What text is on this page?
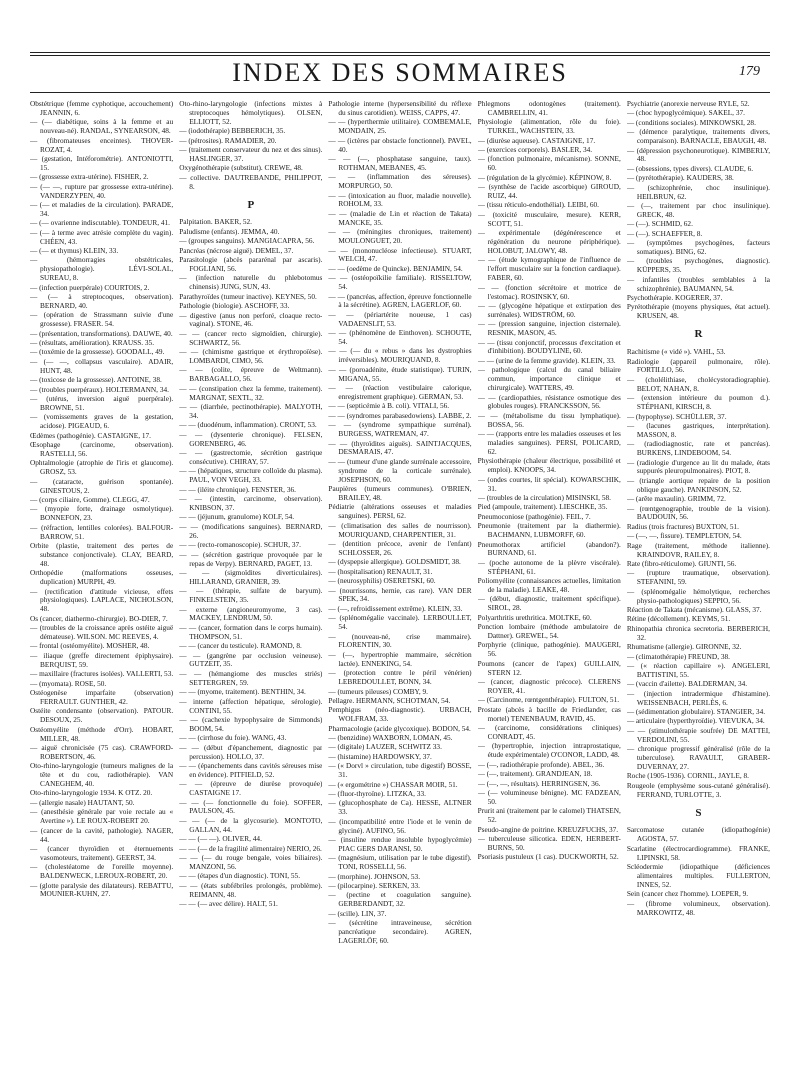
INDEX DES SOMMAIRES	179
Obstétrique (femme cyphotique, accouchement) JEANNIN, 6.
— (— diabétique, soins à la femme et au nouveau-né). RANDAL, SYNEARSON, 48.
— (fibromateuses enceintes). THOVER-ROZAT, 4.
— (gestation, Intéforométrie). ANTONIOTTI, 15.
— (grossesse extra-utérine). FISHER, 2.
— (— —, rupture par grossesse extra-utérine). VANDERZYPEN, 40.
— (— et maladies de la circulation). PARADE, 34.
— (— ovarienne indiscutable). TONDEUR, 41.
— (— à terme avec atrésie complète du vagin). CHÉEN, 43.
— (— et thymus) KLEIN, 33.
— (hémorragies obstétricales, physiopathologie). LÉVI-SOLAL, SUREAU, 8.
— (infection puerpérale) COURTOIS, 2.
— (— à streptocoques, observation). BERNARD, 40.
— (opération de Strassmann suivie d'une grossesse). FRASER. 54.
— (présentation, transformations). DAUWE, 40.
— (résultats, amélioration). KRAUSS. 35.
— (toxémie de la grossesse). GOODALL, 49.
— (— —, collapsus vasculaire). ADAIR, HUNT, 48.
— (toxicose de la grossesse). ANTOINE, 38.
— (troubles puerpéraux). HOLTERMANN, 34.
— (utérus, inversion aiguë puerpérale). BROWNE, 51.
— (vomissements graves de la gestation, acidose). PIGEAUD, 6.
Œdèmes (pathogénie). CASTAIGNE, 17.
Œsophage (carcinome, observation). RASTELLI, 56.
Ophtalmologie (atrophie de l'iris et glaucome). GROSZ, 53.
— (cataracte, guérison spontanée). GINESTOUS, 2.
— (corps ciliaire, Gomme). CLEGG, 47.
— (myopie forte, drainage osmolytique). BONNEFON, 23.
— (réfraction, lentilles colorées). BALFOUR-BARROW, 51.
Orbite (plastie, traitement des pertes de substance conjonctivale). CLAY, BEARD, 48.
Orthopédie (malformations osseuses, duplication) MURPH, 49.
— (rectification d'attitude vicieuse, effets physiologiques). LAPLACE, NICHOLSON, 48.
Os (cancer, diathermo-chirurgie). BO-DIER, 7.
— (troubles de la croissance après ostéite aiguë démateuse). WILSON. MC REEVES, 4.
— frontal (ostéomyélite). MOSHER, 48.
— iliaque (greffe directement épiphysaire). BERQUIST, 59.
— maxillaire (fractures isolées). VALLERTI, 53.
— (myomata). ROSE, 50.
Ostéogenèse imparfaite (observation) FERRAULT. GUNTHER, 42.
Ostéite condensante (observation). PATOUR. DESOUX, 25.
Ostéomyélite (méthode d'Orr). HOBART, MILLER, 48.
— aiguë chronicisée (75 cas). CRAWFORD-ROBERTSON, 46.
Oto-rhino-laryngologie (tumeurs malignes de la tête et du cou, radiothérapie). VAN CANEGHEM, 40.
Oto-rhino-laryngologie 1934. K OTZ. 20.
— (allergie nasale) HAUTANT, 50.
— (anesthésie générale par voie rectale au « Avertine »). LE ROUX-ROBERT 20.
— (cancer de la cavité, pathologie). NAGER, 44.
— (cancer thyroïdien et éternuements vasomoteurs, traitement). GEERST, 34.
— (cholestéatome de l'oreille moyenne). BALDENWECK, LEROUX-ROBERT, 20.
— (glotte paralysie des dilatateurs). REBATTU, MOUNIER-KUHN, 27.
Oto-rhino-laryngologie (infections mixtes à streptocoques hémolytiques). OLSEN, ELLIOTT, 52.
— (iodothérapie) BEBBERICH, 35.
— (pétrosites). RAMADIER, 20.
— (traitement conservateur du nez et des sinus). HASLINGER, 37.
Oxygénothérapie (substitut). CREWE, 48.
— collective. DAUTREBANDE, PHILIPPOT, 8.
P
Palpitation. BAKER, 52.
Paludisme (enfants). JEMMA, 40.
— (groupes sanguins). MANGIACAPRA, 56.
Pancréas (nécrose aiguë). DEMEL, 37.
Parasitologie (abcès pararénal par ascaris). FOGLIANI, 56.
— (infection naturelle du phlebotomus chinensis) JUNG, SUN, 43.
Parathyroïdes (tumeur inactive). KEYNES, 50.
Pathologie (biologie). ASCHOFF, 33.
— digestive (anus non perforé, cloaque recto-vaginal). STONE, 46.
— — (cancer recto sigmoïdien, chirurgie). SCHWARTZ, 56.
— — (chimisme gastrique et érythropoïèse). LOMBARDI, CIMO, 56.
— — (colite, épreuve de Weltmann). BARBAGALLO, 56.
— — (constipation chez la femme, traitement). MARGNAT, SEXTL, 32.
— — (diarrhée, pectinothérapie). MALYOTH, 34.
— — (duodénum, inflammation). CRONT, 53.
— — (dysenterie chronique). FELSEN, GORENBERG, 46.
— — (gastrectomie, sécrétion gastrique consécutive). CHIRAY, 57.
— — (hépatiques, structure colloïde du plasma). PAUL, VON VEGH, 33.
— — (iléite chronique). FENSTER, 36.
— — (intestin, carcinome, observation). KNIBSON, 37.
— — (jéjunum, granulome) KOLF, 54.
— — (modifications sanguines). BERNARD, 26.
— — (recto-romanoscopie). SCHUR, 37.
— — (sécrétion gastrique provoquée par le repas de Verpy). BERNARD, PAGET, 13.
— — (sigmoïdites diverticulaires). HILLARAND, GRANIER, 39.
— — (thérapie, sulfate de baryum). FINKELSTEIN, 35.
— externe (angioneuromyome, 3 cas). MACKEY, LENDRUM, 50.
— — (cancer, formation dans le corps humain). THOMPSON, 51.
— — (cancer du testicule). RAMOND, 8.
— — (gangrène par occlusion veineuse). GUTZEIT, 35.
— — (hémangiome des muscles striés) SETTERGREN, 59.
— — (myome, traitement). BENTHIN, 34.
— interne (affection hépatique, sérologie). CONTINI, 55.
— — (cachexie hypophysaire de Simmonds) BOOM, 54.
— — (cirrhose du foie). WANG, 43.
— — (début d'épanchement, diagnostic par percussion). HOLLO, 37.
— — (épanchements dans cavités séreuses mise en évidence). PITFIELD, 52.
— — (épreuve de diurèse provoquée) CASTAIGNE 17.
— — (— fonctionnelle du foie). SOFFER, PAULSON, 45.
— — (— de la glycosurie). MONTOTO, GALLAN, 44.
— — (— —). OLIVER, 44.
— — (— de la fragilité alimentaire) NERIO, 26.
— — (— du rouge bengale, voies biliaires). MANZONI, 56.
— — (étapes d'un diagnostic). TONI, 55.
— — (états subfébriles prolongés, problème). REIMANN, 48.
— — (— avec délire). HALT, 51.
Pathologie interne (hypersensibilité du réflexe du sinus carotidien). WEISS, CAPPS, 47.
— — (hyperthermie utilitaire). COMBEMALE, MONDAIN, 25.
— — (ictères par obstacle fonctionnel). PAVEL, 40.
— — (—, phosphatase sanguine, taux). ROTHMAN, MEBANES, 45.
— — (inflammation des séreuses). MORPURGO, 50.
— — (intoxication au fluor, maladie nouvelle). ROHOLM, 33.
— — (maladie de Lin et réaction de Takata) MANCKE, 35.
— — (méningites chroniques, traitement) MOULONGUET, 20.
— — (mononucléose infectieuse). STUART, WELCH, 47.
— — (oedème de Quincke). BENJAMIN, 54.
— — (ostéopoïkilie familiale). RISSELTOW, 54.
— — (pancréas, affection, épreuve fonctionnelle à la sécrétine). AGREN, LAGERLOF, 60.
— — (périartérite noueuse, 1 cas) VADAENSLIT, 53.
— — (phénomène de Einthoven). SCHOUTE, 54.
— — (— du « rebus » dans les dystrophies irréversibles). MOURIQUAND, 8.
— — (poroadénite, étude statistique). TURIN, MIGANA, 55.
— — (réaction vestibulaire calorique, enregistrement graphique). GERMAN, 53.
— — (septicémie à B. coli). VITALI, 56.
— — (syndromes parabasedowiens). LABBE, 2.
— — (syndrome sympathique surrénal). BURGESS, WATREMAN, 47.
— — (thyroïdites aiguës). SAINTJACQUES, DESMARAIS, 47.
— — (tumeur d'une glande surrénale accessoire, syndrome de la corticale surrénale). JOSEPHSON, 60.
Paupières (tumeurs communes). O'BRIEN, BRAILEY, 48.
Pédiatrie (altérations osseuses et maladies sanguines). PERSI, 62.
— (climatisation des salles de nourrisson). MOURIQUAND, CHARPENTIER, 31.
— (dentition précoce, avenir de l'enfant) SCHLOSSER, 26.
— (dyspepsie allergique). GOLDSMIDT, 38.
— (hospitalisation) RENAULT, 31.
— (neurosyphilis) OSERETSKI, 60.
— (nourrissons, hernie, cas rare). VAN DER SPEK, 34.
— (—, refroidissement extrême). KLEIN, 33.
— (splénomégalie vaccinale). LERBOULLET, 54.
— (nouveau-né, crise mammaire). FLORENTIN, 30.
— (—, hypertrophie mammaire, sécrétion lactée). ENNEKING, 54.
— (protection contre le péril vénérien) LEBREDOULLET, BONN, 34.
— (tumeurs pileuses) COMBY, 9.
Pellagre. HERMANN, SCHOTMAN, 54.
Pemphigus (néo-diagnostic). URBACH, WOLFRAM, 33.
Pharmacologie (acide glycoxique). BODON, 54.
— (benzidine) WAXBORN, LOMAN, 45.
— (digitale) LAUZER, SCHWITZ 33.
— (histamine) HARDOWSKY, 37.
— (« Dorvl » circulation, tube digestif) BOSSE, 31.
— (« ergométrine ») CHASSAR MOIR, 51.
— (fluor-thyroïne). LITZKA, 33.
— (glucophosphate de Ca). HESSE, ALTNER 33.
— (incompatibilité entre l'iode et le venin de glyciné). AUFINO, 56.
— (insuline rendue insoluble hypoglycémie) PIAC GERS DARANSI, 50.
— (magnésium, utilisation par le tube digestif). TONI, ROSSELLI, 56.
— (morphine). JOHNSON, 53.
— (pilocarpine). SERKEN, 33.
— (pectine et coagulation sanguine). GERBERDANDT, 32.
— (scille). LIN, 37.
— (sécrétine intraveineuse, sécrétion pancréatique secondaire). AGREN, LAGERLÖF, 60.
Phlegmons odontogènes (traitement). CAMBRELLIN, 41.
Physiologie (alimentation, rôle du foie). TURKEL, WACHSTEIN, 33.
— (diurèse aqueuse). CASTAIGNE, 17.
— (exercices corporels). BASLER, 34.
— (fonction pulmonaire, mécanisme). SONNE, 60.
— (régulation de la glycémie). KÉPINOW, 8.
— (synthèse de l'acide ascorbique) GIROUD, RUIZ, 44.
— (tissu réticulo-endothélial). LEIBI, 60.
— (toxicité musculaire, mesure). KERR, SCOTT, 51.
— expérimentale (dégénérescence et régénération du neurone périphérique). HOLOBUT, JALOWY, 48.
— — (étude kymographique de l'influence de l'effort musculaire sur la fonction cardiaque). FABER, 60.
— — (fonction sécrétoire et motrice de l'estomac). ROSINSKY, 60.
— — (glycogène hépatique et extirpation des surrénales). WIDSTRÖM, 60.
— — (pression sanguine, injection cisternale). RESNIK, MASON, 45.
— — (tissu conjonctif, processus d'excitation et d'inhibition). BOUDYLINE, 60.
— — (urine de la femme gravide). KLEIN, 33.
— pathologique (calcul du canal biliaire commun, importance clinique et chirurgicale). WATTERS, 49.
— — (cardiopathies, résistance osmotique des globules rouges). FRANCKSSON, 56.
— — (métabolisme du tissu lymphatique). BOSSA, 56.
— — (rapports entre les maladies osseuses et les maladies sanguines). PERSI, POLICARD, 62.
Physiothérapie (chaleur électrique, possibilité et emploi). KNOOPS, 34.
— (ondes courtes, lit spécial). KOWARSCHIK, 31.
— (troubles de la circulation) MISINSKI, 58.
Pied (ampoule, traitement). LIESCHKE, 35.
Pneumoconiose (pathogénie). FEIL, 7.
Pneumonie (traitement par la diathermie). BACHMANN, LUBMORFF, 60.
Pneumothorax artificiel (abandon?). BURNAND, 61.
— (poche autonome de la plèvre viscérale). STÉPHANI, 61.
Poliomyélite (connaissances actuelles, limitation de la maladie). LEAKE, 48.
— (début, diagnostic, traitement spécifique). SIROL, 28.
Polyarthritis urethritica. MOLTKE, 60.
Ponction lombaire (méthode ambulatoire de Dattner). GREWEL, 54.
Porphyrie (clinique, pathogénie). MAUGERI, 56.
Poumons (cancer de l'apex) GUILLAIN, STERN 12.
— (cancer, diagnostic précoce). CLERENS ROYER, 41.
— (Carcinome, rœntgenthérapie). FULTON, 51.
Prostate (abcès à bacille de Friedlander, cas mortel) TENENBAUM, RAVID, 45.
— (carcinome, considérations cliniques) CONRADT, 45.
— (hypertrophie, injection intraprostatique, étude expérimentale) O'CONOR, LADD, 48.
— (—, radiothérapie profonde). ABEL, 36.
— (—, traitement). GRANDJEAN, 18.
— (—, —, résultats). HERRINGSEN, 36.
— (— volumineuse bénigne). MC FADZEAN, 50.
Prurit ani (traitement par le calomel) THATSEN, 52.
Pseudo-angine de poitrine. KREUZFUCHS, 37.
— tuberculeuse silicotica. EDEN, HERBERT-BURNS, 50.
Psoriasis pustuleux (1 cas). DUCKWORTH, 52.
Psychiatrie (anorexie nerveuse RYLE, 52.
— (choc hypoglycémique). SAKEL, 37.
— (conditions sociales). MINKOWSKI, 28.
— (démence paralytique, traitements divers, comparaison). BARNACLE, EBAUGH, 48.
— (dépression psychoneurotique). KIMBERLY, 48.
— (obsessions, types divers). CLAUDE, 6.
— (pyrétothérapie). KAUDERS, 38.
— (schizophrénie, choc insulinique). HEILBRUN, 62.
— (—, traitement par choc insulinique). GRECK, 48.
— (—). SCHMID, 62.
— (—). SCHAEFFER, 8.
— (symptômes psychogènes, facteurs somatiques). BING, 62.
— (troubles psychogènes, diagnostic). KÜPPERS, 35.
— infantiles (troubles semblables à la schizophrénie). BAUMANN, 54.
Psychothérapie. KOGERER, 37.
Pyrétothérapie (moyens physiques, état actuel). KRUSEN, 48.
R
Rachitisme (« vidé »). VAHL, 53.
Radiologie (appareil pulmonaire, rôle). FORTILLO, 56.
— (cholélithiase, cholécystoradiographie). BELOT, NAHAN, 8.
— (extension intérieure du poumon d.). STÉPHANI, KIRSCH, 8.
— (hypophyse). SCHÜLLER, 37.
— (lacunes gastriques, interprétation). MASSON, 8.
— (radiodiagnostic, rate et pancréas). BURKENS, LINDEBOOM, 54.
— (radiologie d'urgence au lit du malade, états suppurés pleuropulmonaires). PIOT, 8.
— (triangle aortique repaire de la position oblique gauche). PANKINSON, 52.
— (arête maxaulin). GRIMM, 72.
— (rœntgenographie, trouble de la vision). BAUDOUIN, 56.
Radius (trois fractures) BUXTON, 51.
— (—, —, fissure). TEMPLETON, 54.
Rage (traitement, méthode italienne). KRAINDOVR, RAILEY, 8.
Rate (fibro-réticulome). GIUNTI, 56.
— (rupture traumatique, observation). STEFANINI, 59.
— (splénomégalie hémolytique, recherches physio-pathologiques) SEPPIO, 56.
Réaction de Takata (mécanisme). GLASS, 37.
Rétine (décollement). KEYMS, 51.
Rhinopathia chronica secretoria. BERBERICH, 32.
Rhumatisme (allergie). GIRONNE, 32.
— (climatothérapie) FREUND, 38.
— (« réaction capillaire »). ANGELERI, BATTISTINI, 55.
— (vaccin d'ailette). BALDERMAN, 34.
— (injection intradermique d'histamine). WEISSENBACH, PERLÈS, 6.
— (sédimentation globulaire). STANGIER, 34.
— articulaire (hyperthyroïdie). VIEVUKA, 34.
— — (stimulothérapie soufrée) DE MATTEI, VERDOLINI, 55.
— chronique progressif généralisé (rôle de la tuberculose). RAVAULT, GRABER-DUVERNAY, 27.
Roche (1905-1936). CORNIL, JAYLE, 8.
Rougeole (emphysème sous-cutané généralisé). FERRAND, TURLOTTE, 3.
S
Sarcomatose cutanée (idiopathogénie) AGOSTA, 57.
Scarlatine (électrocardiogramme). FRANKE, LIPINSKI, 58.
Scléodermie (idiopathique (déficiences alimentaires multiples. FULLERTON, INNES, 52.
Sein (cancer chez l'homme). LOEPER, 9.
— (fibrome volumineux, observation). MARKOWITZ, 48.
